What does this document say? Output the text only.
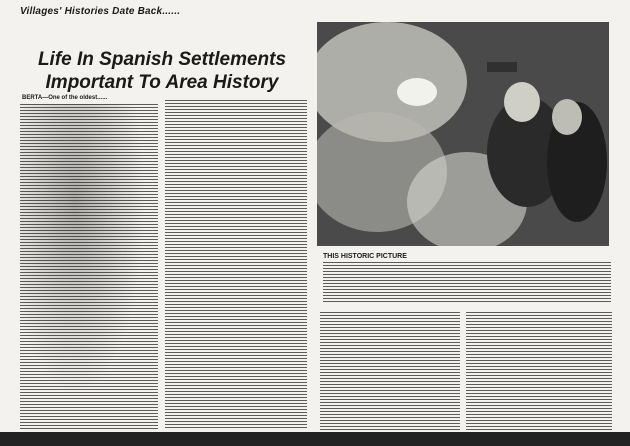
Villages' Histories Date Back......
Life In Spanish Settlements
Important To Area History
BERTA—One of the oldest......
THIS HISTORIC PICTURE
